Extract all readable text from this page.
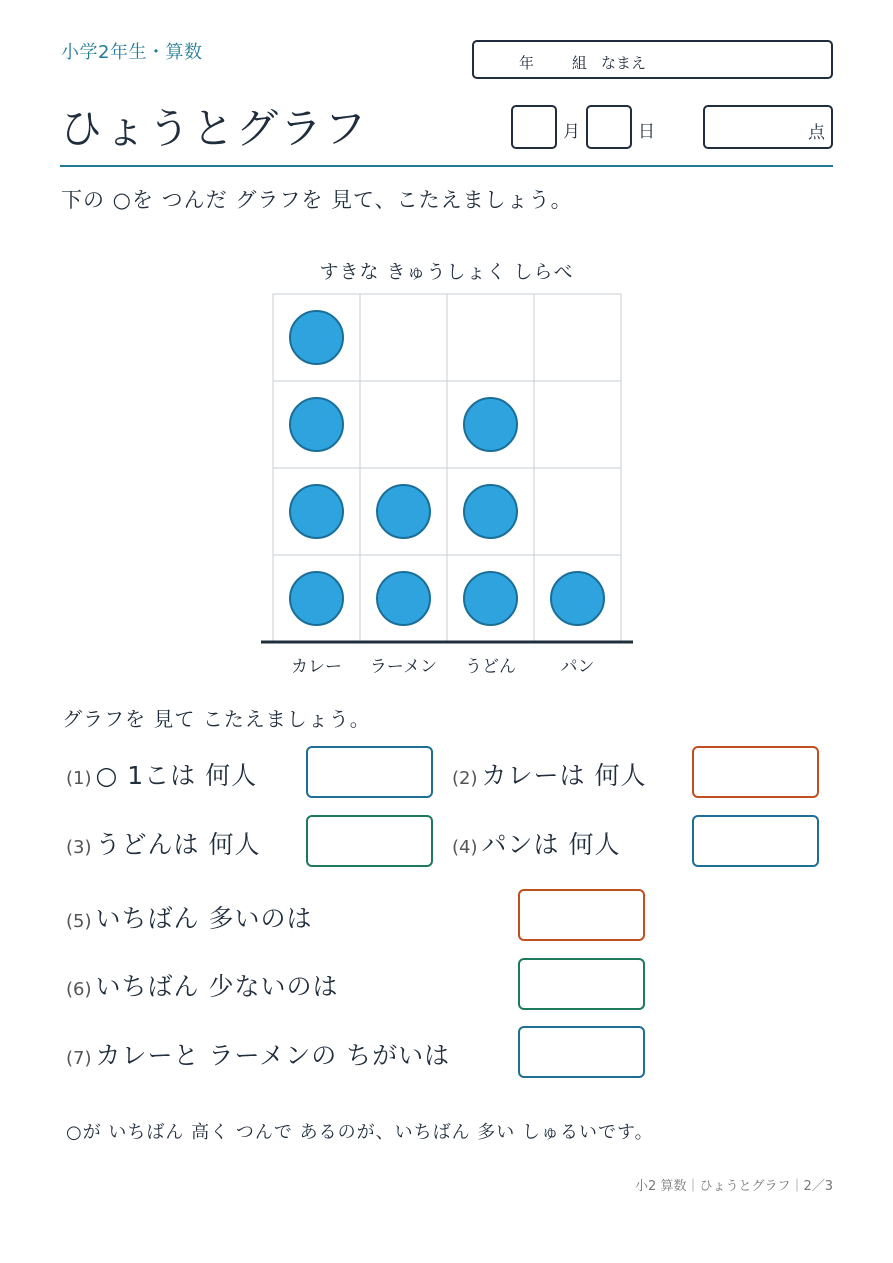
小学2年生・算数	年	組 なまえ
ひょうとグラフ	月	日	点
下の ○を つんだ グラフを 見て、こたえましょう。
すきな きゅうしょく しらべ
カレー ラーメン うどん	パン
グラフを 見て こたえましょう。
(1) ○ 1こは 何人	(2) カレーは 何人
(3) うどんは 何人	(4) パンは 何人
(5) いちばん 多いのは
(6) いちばん 少ないのは
(7) カレーと ラーメンの ちがいは
○が いちばん 高く つんで あるのが、いちばん 多い しゅるいです。
小2 算数｜ひょうとグラフ｜2／3
